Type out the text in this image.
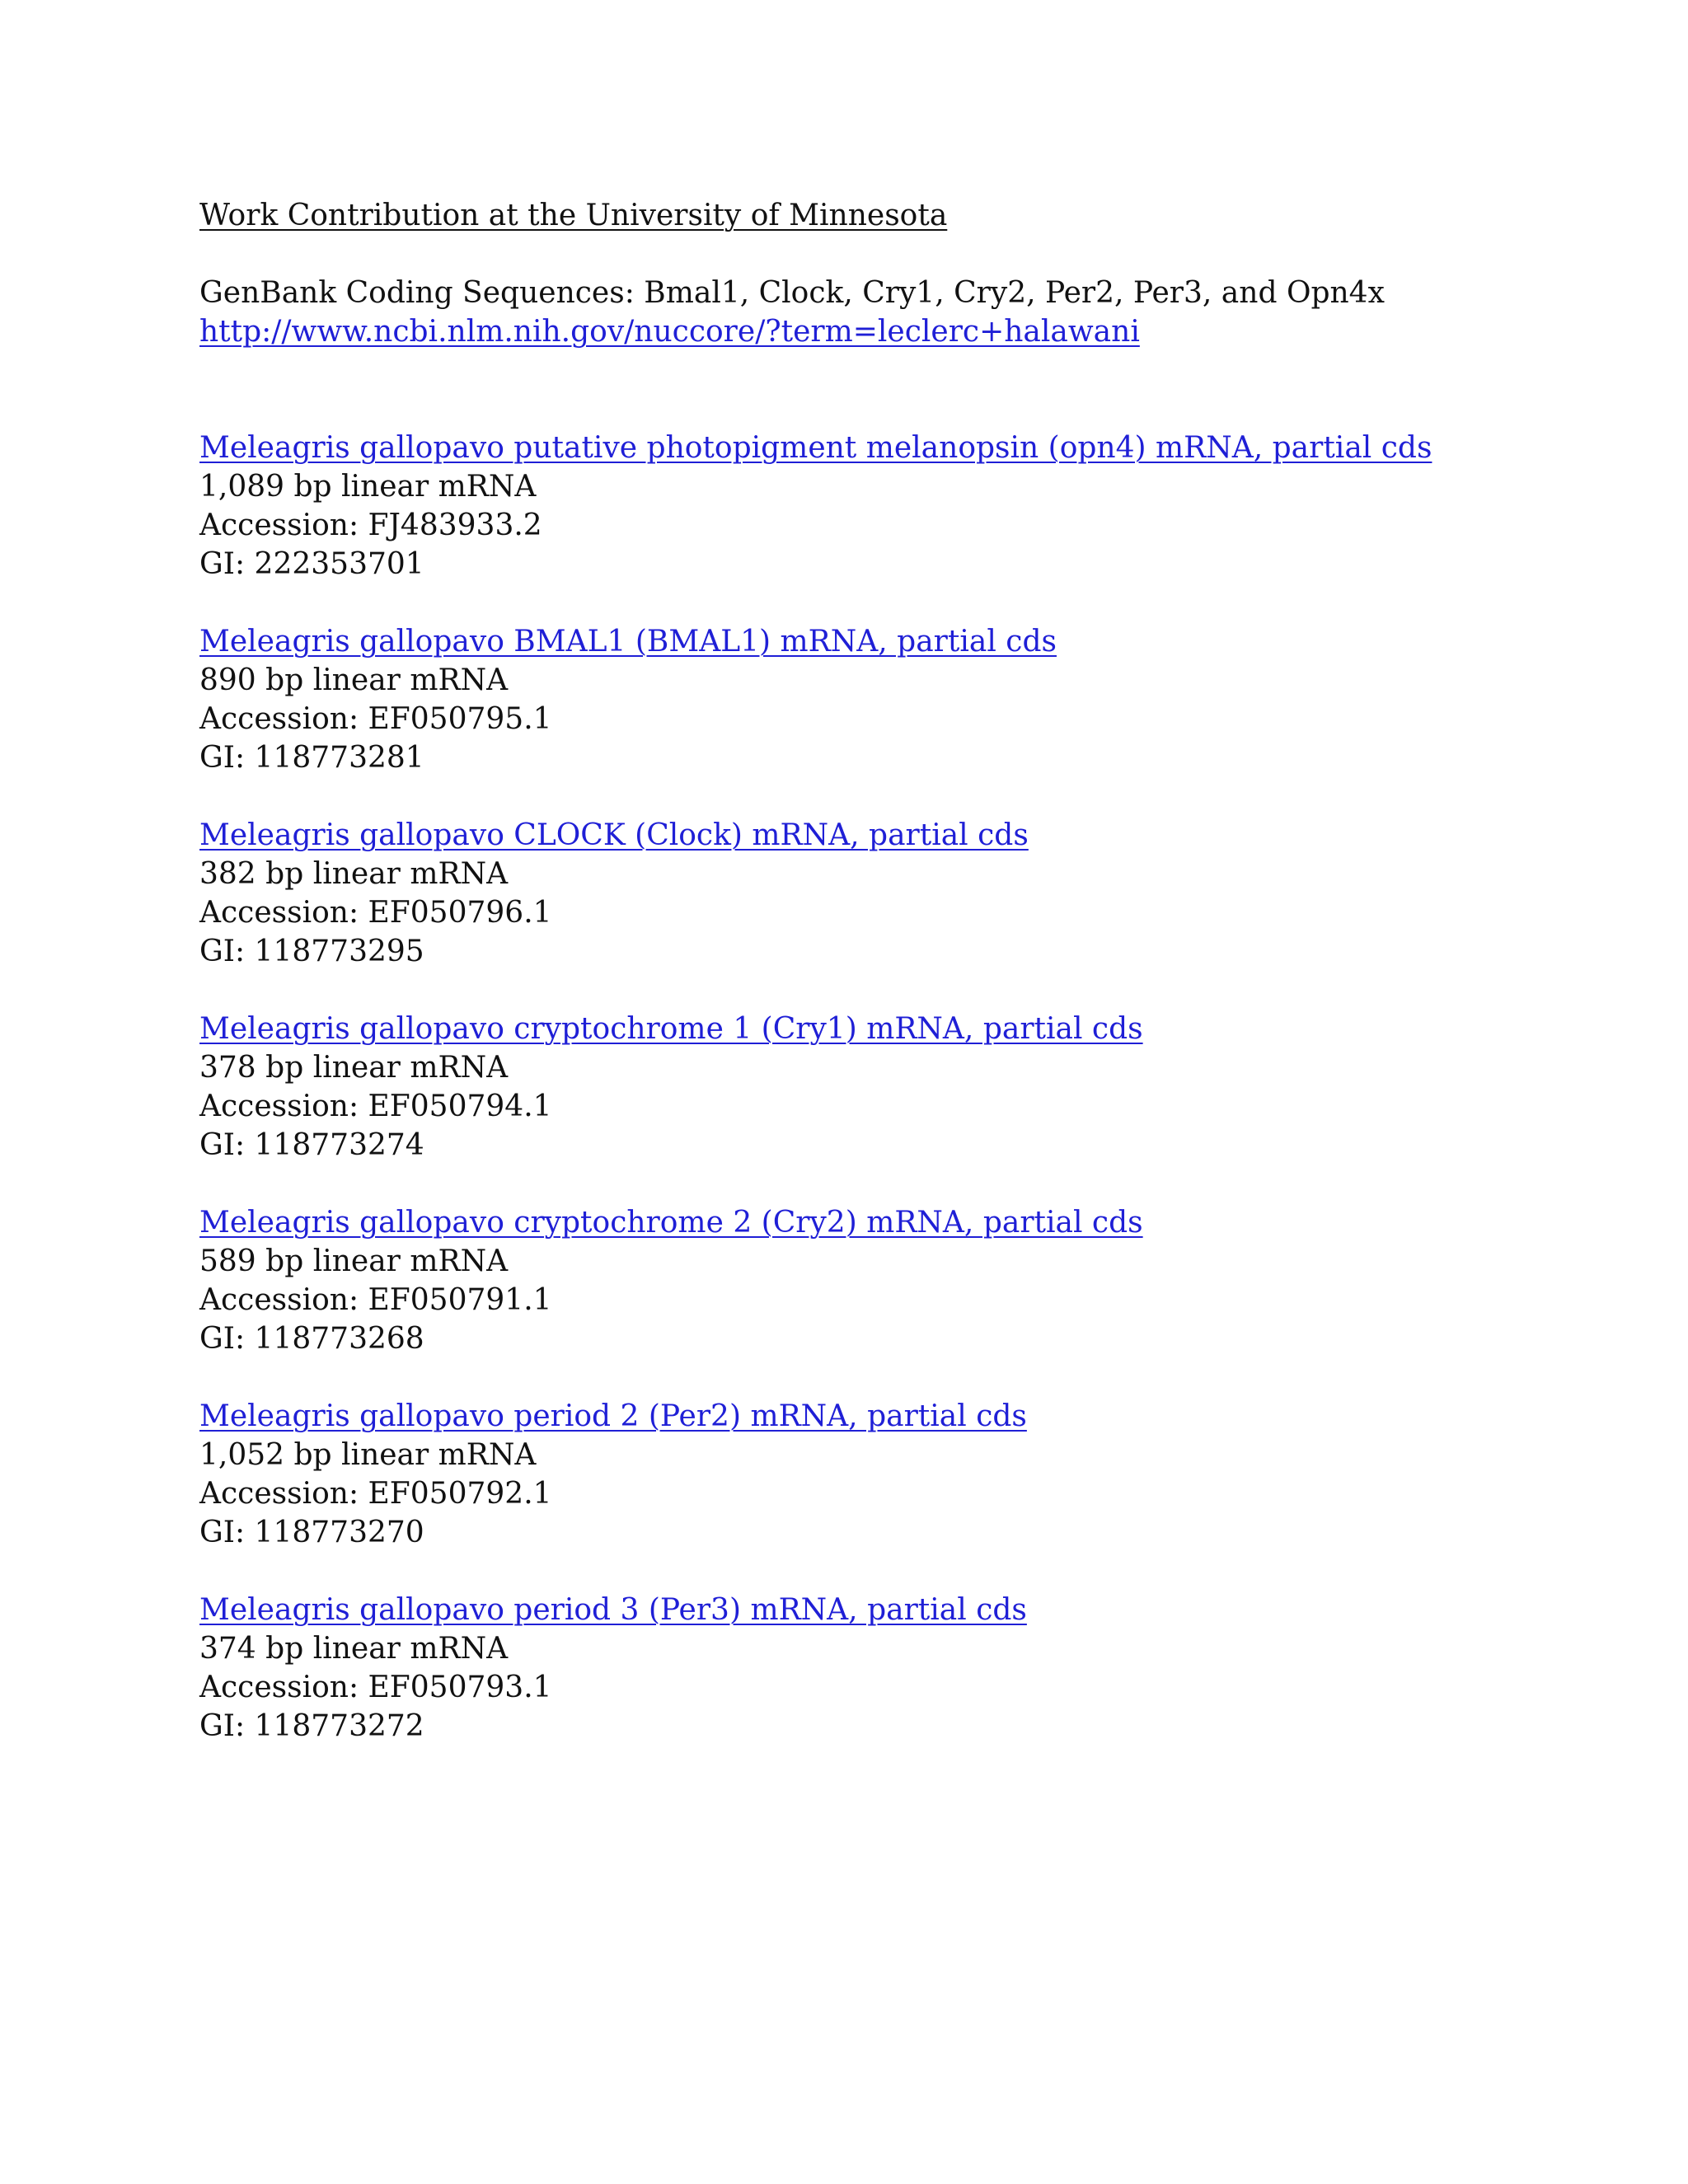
Work Contribution at the University of Minnesota
GenBank Coding Sequences: Bmal1, Clock, Cry1, Cry2, Per2, Per3, and Opn4x
http://www.ncbi.nlm.nih.gov/nuccore/?term=leclerc+halawani
Meleagris gallopavo putative photopigment melanopsin (opn4) mRNA, partial cds
1,089 bp linear mRNA
Accession: FJ483933.2
GI: 222353701
Meleagris gallopavo BMAL1 (BMAL1) mRNA, partial cds
890 bp linear mRNA
Accession: EF050795.1
GI: 118773281
Meleagris gallopavo CLOCK (Clock) mRNA, partial cds
382 bp linear mRNA
Accession: EF050796.1
GI: 118773295
Meleagris gallopavo cryptochrome 1 (Cry1) mRNA, partial cds
378 bp linear mRNA
Accession: EF050794.1
GI: 118773274
Meleagris gallopavo cryptochrome 2 (Cry2) mRNA, partial cds
589 bp linear mRNA
Accession: EF050791.1
GI: 118773268
Meleagris gallopavo period 2 (Per2) mRNA, partial cds
1,052 bp linear mRNA
Accession: EF050792.1
GI: 118773270
Meleagris gallopavo period 3 (Per3) mRNA, partial cds
374 bp linear mRNA
Accession: EF050793.1
GI: 118773272
